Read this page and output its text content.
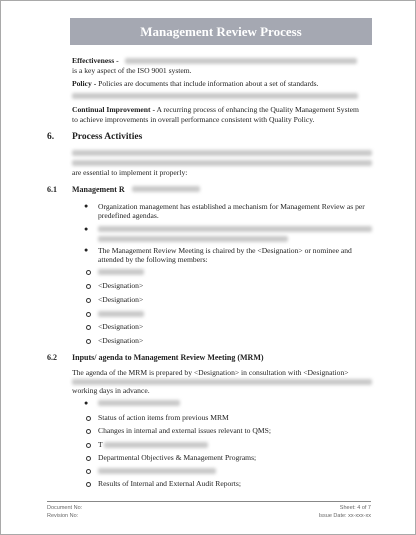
Management Review Process
Effectiveness -
is a key aspect of the ISO 9001 system.
Policy - Policies are documents that include information about a set of standards.
Continual Improvement - A recurring process of enhancing the Quality Management System
to achieve improvements in overall performance consistent with Quality Policy.
6. Process Activities
are essential to implement it properly:
6.1 Management R
● Organization management has established a mechanism for Management Review as per
predefined agendas.
●
● The Management Review Meeting is chaired by the <Designation> or nominee and
attended by the following members:
<Designation>
<Designation>
<Designation>
<Designation>
6.2 Inputs/ agenda to Management Review Meeting (MRM)
The agenda of the MRM is prepared by <Designation> in consultation with <Designation>
working days in advance.
●
Status of action items from previous MRM
Changes in internal and external issues relevant to QMS;
T
Departmental Objectives & Management Programs;
Results of Internal and External Audit Reports;
Document No:
Revision No:
Sheet: 4 of 7
Issue Date: xx-xxx-xx
